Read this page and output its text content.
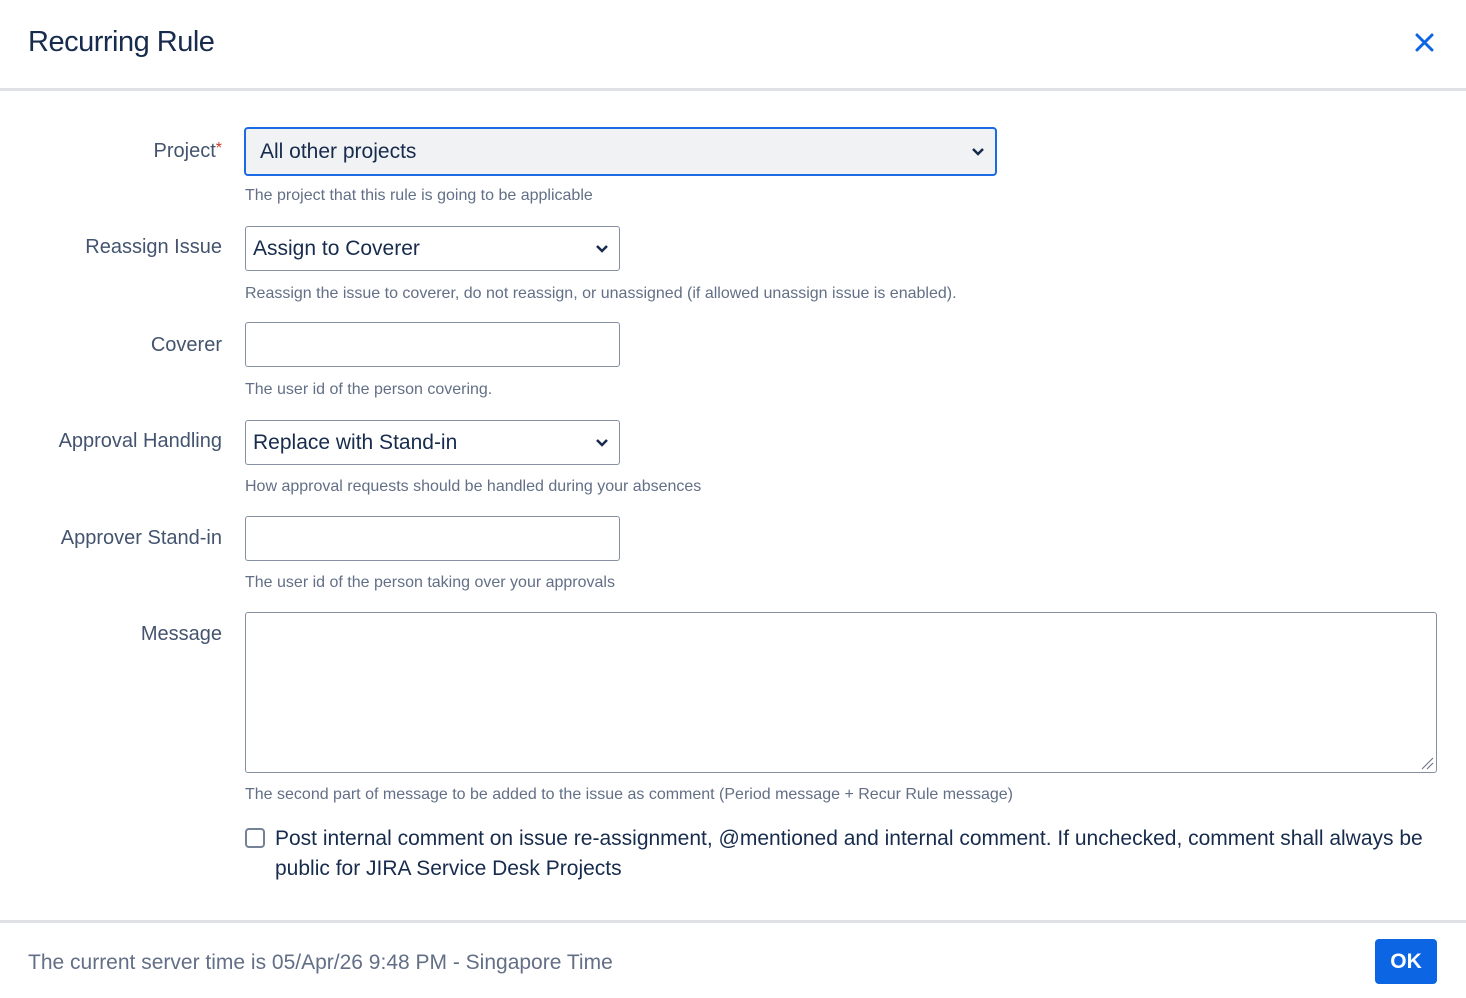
Recurring Rule
Project* All other projects
The project that this rule is going to be applicable
Reassign Issue Assign to Coverer
Reassign the issue to coverer, do not reassign, or unassigned (if allowed unassign issue is enabled).
Coverer
The user id of the person covering.
Approval Handling Replace with Stand-in
How approval requests should be handled during your absences
Approver Stand-in
The user id of the person taking over your approvals
Message
The second part of message to be added to the issue as comment (Period message + Recur Rule message)
Post internal comment on issue re-assignment, @mentioned and internal comment. If unchecked, comment shall always be public for JIRA Service Desk Projects
The current server time is 05/Apr/26 9:48 PM - Singapore Time	OK
